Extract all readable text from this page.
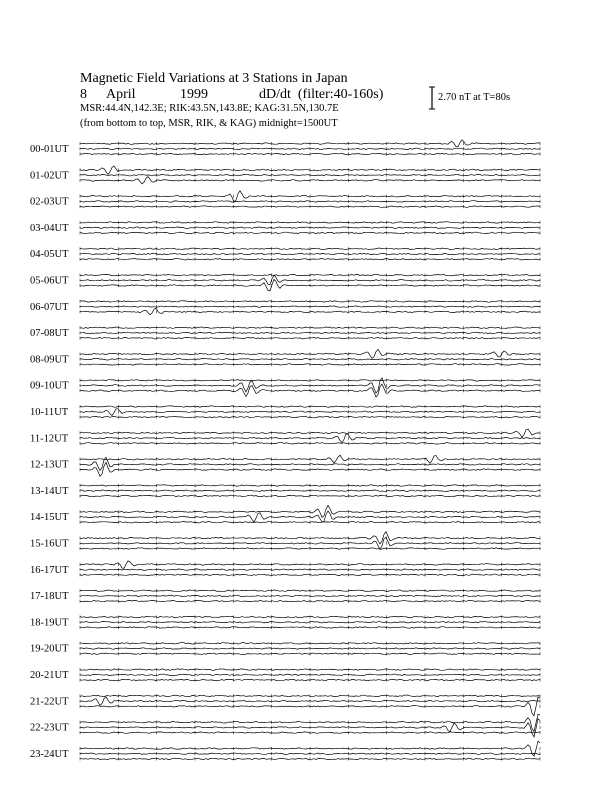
Magnetic Field Variations at 3 Stations in Japan
8 April	1999	dD/dt (filter:40-160s)
MSR:44.4N,142.3E; RIK:43.5N,143.8E; KAG:31.5N,130.7E
(from bottom to top, MSR, RIK, & KAG) midnight=1500UT
2.70 nT at T=80s
00-01UT
01-02UT
02-03UT
03-04UT
04-05UT
05-06UT
06-07UT
07-08UT
08-09UT
09-10UT
10-11UT
11-12UT
12-13UT
13-14UT
14-15UT
15-16UT
16-17UT
17-18UT
18-19UT
19-20UT
20-21UT
21-22UT
22-23UT
23-24UT
